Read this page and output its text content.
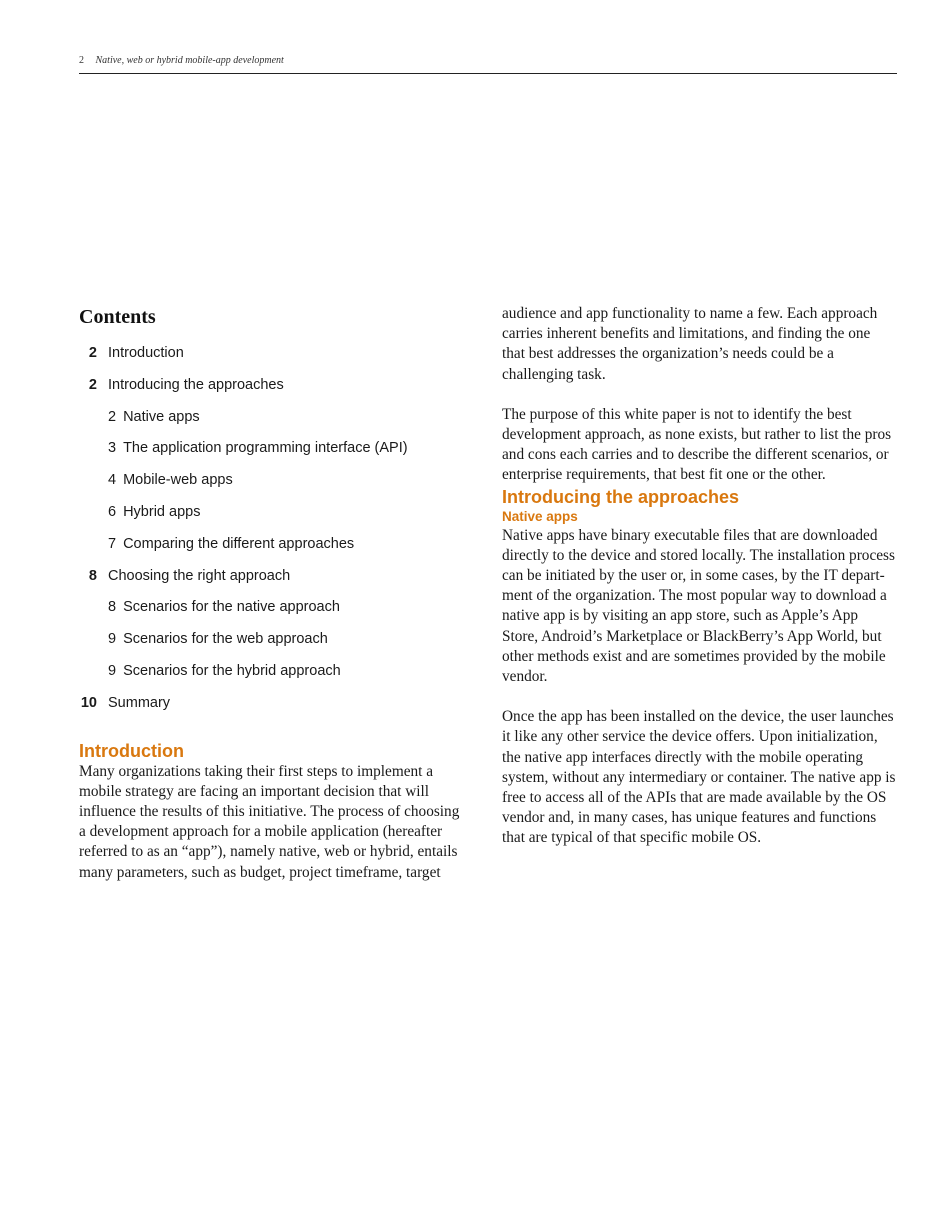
2 Native, web or hybrid mobile-app development
Contents
2 Introduction
2 Introducing the approaches
2 Native apps
3 The application programming interface (API)
4 Mobile-web apps
6 Hybrid apps
7 Comparing the different approaches
8 Choosing the right approach
8 Scenarios for the native approach
9 Scenarios for the web approach
9 Scenarios for the hybrid approach
10 Summary
Introduction

Many organizations taking their first steps to implement a mobile strategy are facing an important decision that will influence the results of this initiative. The process of choosing a development approach for a mobile application (hereafter referred to as an “app”), namely native, web or hybrid, entails many parameters, such as budget, project timeframe, target

audience and app functionality to name a few. Each approach carries inherent benefits and limitations, and finding the one that best addresses the organization’s needs could be a challenging task.

The purpose of this white paper is not to identify the best development approach, as none exists, but rather to list the pros and cons each carries and to describe the different scenarios, or enterprise requirements, that best fit one or the other.

Introducing the approaches
Native apps

Native apps have binary executable files that are downloaded directly to the device and stored locally. The installation process can be initiated by the user or, in some cases, by the IT depart-ment of the organization. The most popular way to download a native app is by visiting an app store, such as Apple’s App Store, Android’s Marketplace or BlackBerry’s App World, but other methods exist and are sometimes provided by the mobile vendor.

Once the app has been installed on the device, the user launches it like any other service the device offers. Upon initialization, the native app interfaces directly with the mobile operating system, without any intermediary or container. The native app is free to access all of the APIs that are made available by the OS vendor and, in many cases, has unique features and functions that are typical of that specific mobile OS.
